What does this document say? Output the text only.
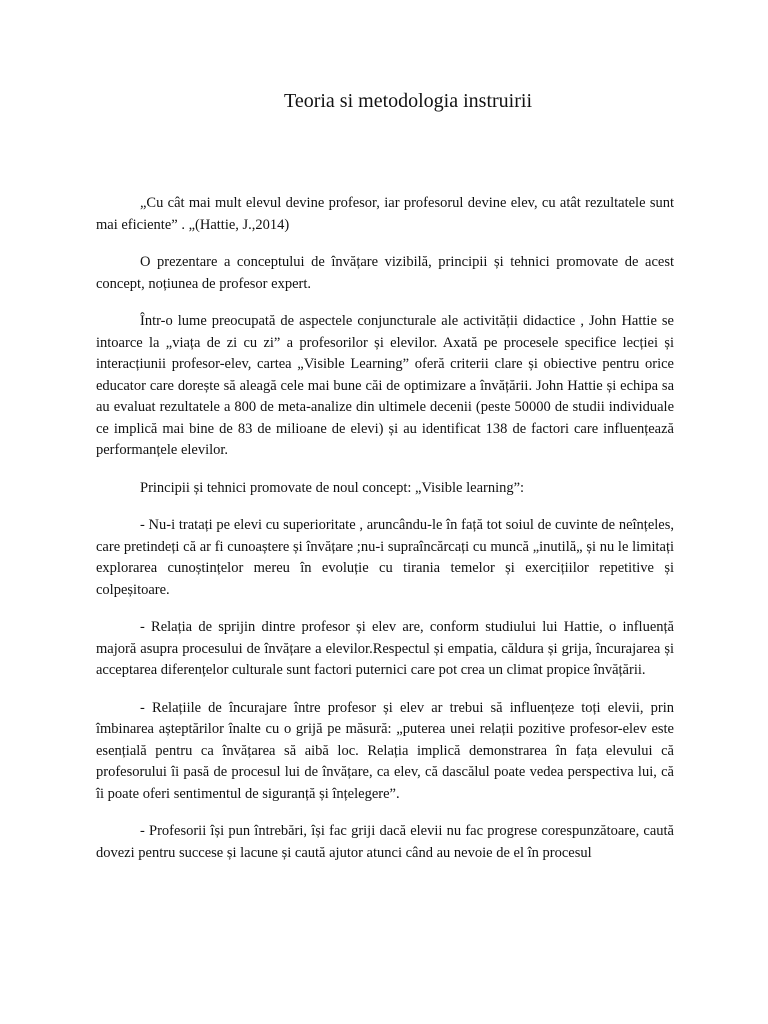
Teoria si metodologia instruirii

„Cu cât mai mult elevul devine profesor, iar profesorul devine elev, cu atât rezultatele sunt mai eficiente” . „(Hattie, J.,2014)

O prezentare a conceptului de învățare vizibilă, principii și tehnici promovate de acest concept, noțiunea de profesor expert.

Într-o lume preocupată de aspectele conjuncturale ale activității didactice , John Hattie se intoarce la „viața de zi cu zi” a profesorilor și elevilor. Axată pe procesele specifice lecției și interacțiunii profesor-elev, cartea „Visible Learning” oferă criterii clare și obiective pentru orice educator care dorește să aleagă cele mai bune căi de optimizare a învățării. John Hattie și echipa sa au evaluat rezultatele a 800 de meta-analize din ultimele decenii (peste 50000 de studii individuale ce implică mai bine de 83 de milioane de elevi) și au identificat 138 de factori care influențează performanțele elevilor.

Principii și tehnici promovate de noul concept: „Visible learning”:

- Nu-i tratați pe elevi cu superioritate , aruncându-le în față tot soiul de cuvinte de neînțeles, care pretindeți că ar fi cunoaștere și învățare ;nu-i supraîncărcați cu muncă „inutilă„ și nu le limitați explorarea cunoștințelor mereu în evoluție cu tirania temelor și exercițiilor repetitive și colpeșitoare.

- Relația de sprijin dintre profesor și elev are, conform studiului lui Hattie, o influență majoră asupra procesului de învățare a elevilor.Respectul și empatia, căldura și grija, încurajarea și acceptarea diferențelor culturale sunt factori puternici care pot crea un climat propice învățării.

- Relațiile de încurajare între profesor și elev ar trebui să influențeze toți elevii, prin îmbinarea așteptărilor înalte cu o grijă pe măsură: „puterea unei relații pozitive profesor-elev este esențială pentru ca învățarea să aibă loc. Relația implică demonstrarea în fața elevului că profesorului îi pasă de procesul lui de învățare, ca elev, că dascălul poate vedea perspectiva lui, că îi poate oferi sentimentul de siguranță și înțelegere”.

- Profesorii își pun întrebări, își fac griji dacă elevii nu fac progrese corespunzătoare, caută dovezi pentru succese și lacune și caută ajutor atunci când au nevoie de el în procesul
